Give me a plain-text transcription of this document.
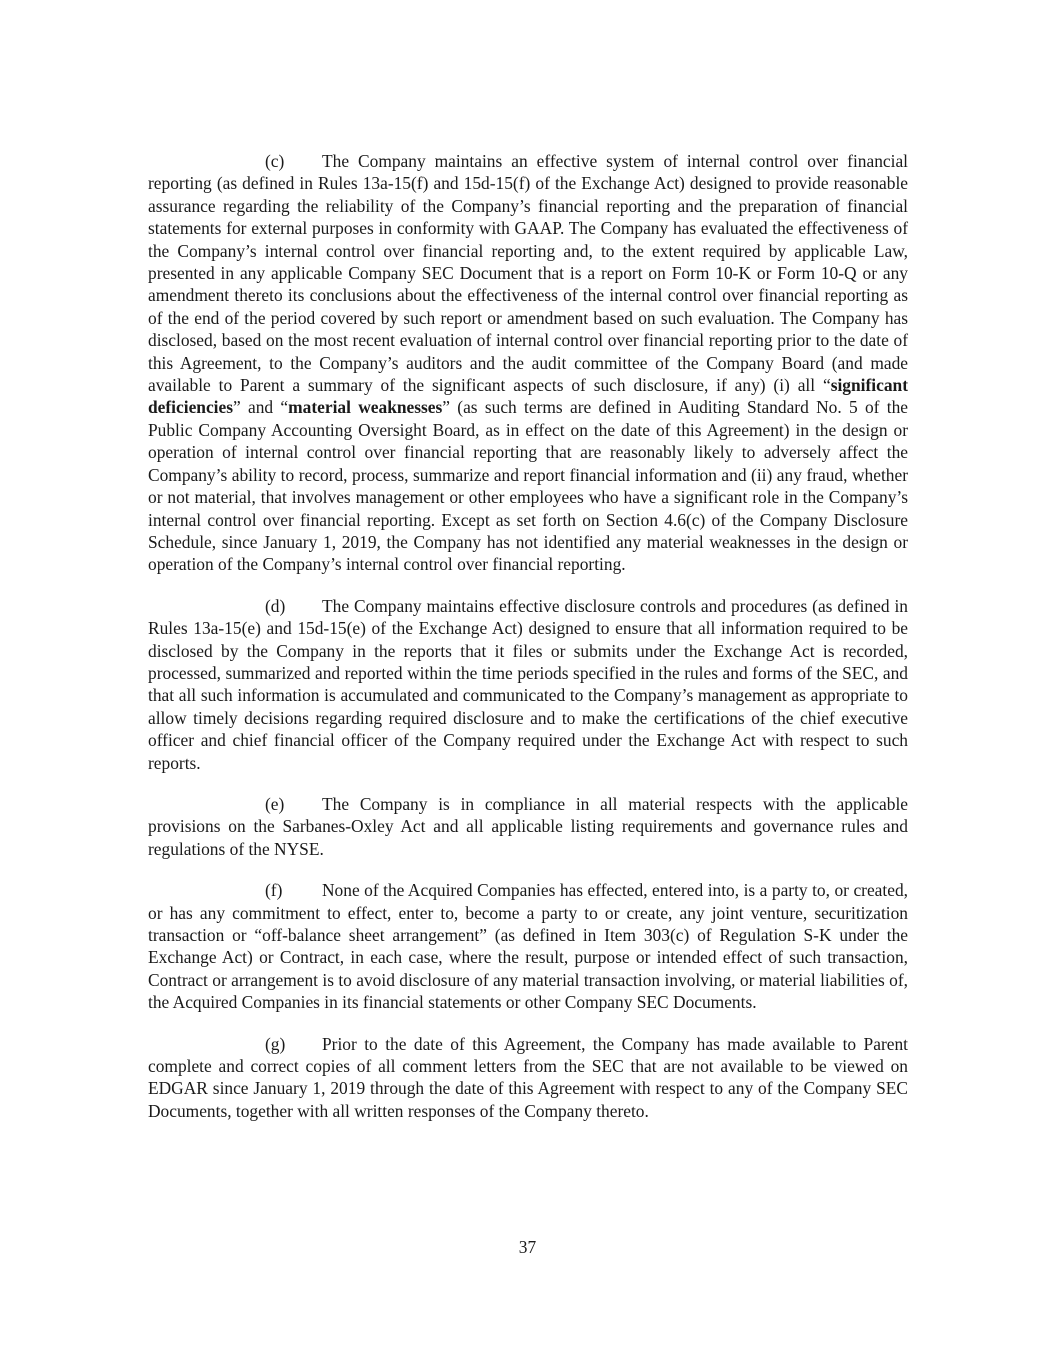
(c) The Company maintains an effective system of internal control over financial reporting (as defined in Rules 13a-15(f) and 15d-15(f) of the Exchange Act) designed to provide reasonable assurance regarding the reliability of the Company’s financial reporting and the preparation of financial statements for external purposes in conformity with GAAP. The Company has evaluated the effectiveness of the Company’s internal control over financial reporting and, to the extent required by applicable Law, presented in any applicable Company SEC Document that is a report on Form 10-K or Form 10-Q or any amendment thereto its conclusions about the effectiveness of the internal control over financial reporting as of the end of the period covered by such report or amendment based on such evaluation. The Company has disclosed, based on the most recent evaluation of internal control over financial reporting prior to the date of this Agreement, to the Company’s auditors and the audit committee of the Company Board (and made available to Parent a summary of the significant aspects of such disclosure, if any) (i) all “significant deficiencies” and “material weaknesses” (as such terms are defined in Auditing Standard No. 5 of the Public Company Accounting Oversight Board, as in effect on the date of this Agreement) in the design or operation of internal control over financial reporting that are reasonably likely to adversely affect the Company’s ability to record, process, summarize and report financial information and (ii) any fraud, whether or not material, that involves management or other employees who have a significant role in the Company’s internal control over financial reporting. Except as set forth on Section 4.6(c) of the Company Disclosure Schedule, since January 1, 2019, the Company has not identified any material weaknesses in the design or operation of the Company’s internal control over financial reporting.

(d) The Company maintains effective disclosure controls and procedures (as defined in Rules 13a-15(e) and 15d-15(e) of the Exchange Act) designed to ensure that all information required to be disclosed by the Company in the reports that it files or submits under the Exchange Act is recorded, processed, summarized and reported within the time periods specified in the rules and forms of the SEC, and that all such information is accumulated and communicated to the Company’s management as appropriate to allow timely decisions regarding required disclosure and to make the certifications of the chief executive officer and chief financial officer of the Company required under the Exchange Act with respect to such reports.

(e) The Company is in compliance in all material respects with the applicable provisions on the Sarbanes-Oxley Act and all applicable listing requirements and governance rules and regulations of the NYSE.

(f) None of the Acquired Companies has effected, entered into, is a party to, or created, or has any commitment to effect, enter to, become a party to or create, any joint venture, securitization transaction or “off-balance sheet arrangement” (as defined in Item 303(c) of Regulation S-K under the Exchange Act) or Contract, in each case, where the result, purpose or intended effect of such transaction, Contract or arrangement is to avoid disclosure of any material transaction involving, or material liabilities of, the Acquired Companies in its financial statements or other Company SEC Documents.

(g) Prior to the date of this Agreement, the Company has made available to Parent complete and correct copies of all comment letters from the SEC that are not available to be viewed on EDGAR since January 1, 2019 through the date of this Agreement with respect to any of the Company SEC Documents, together with all written responses of the Company thereto.

37
